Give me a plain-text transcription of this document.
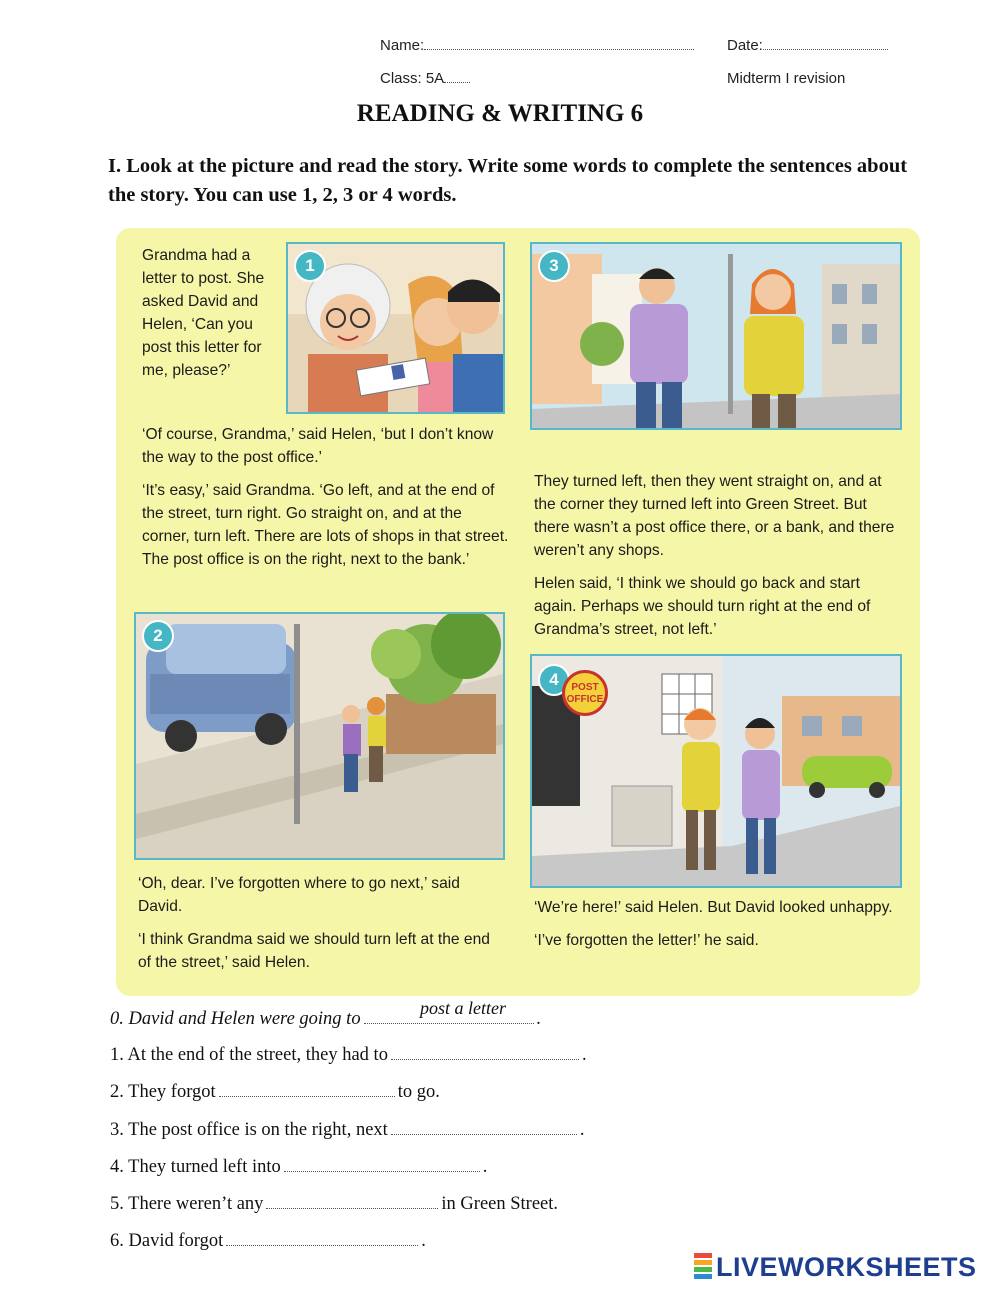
Name:	Date:
Class: 5A	Midterm I revision
READING & WRITING 6
I. Look at the picture and read the story. Write some words to complete the sentences about the story. You can use 1, 2, 3 or 4 words.
Grandma had a letter to post. She asked David and Helen, ‘Can you post this letter for me, please?’
1

‘Of course, Grandma,’ said Helen, ‘but I don’t know the way to the post office.’

‘It’s easy,’ said Grandma. ‘Go left, and at the end of the street, turn right. Go straight on, and at the corner, turn left. There are lots of shops in that street. The post office is on the right, next to the bank.’

2

‘Oh, dear. I’ve forgotten where to go next,’ said David.

‘I think Grandma said we should turn left at the end of the street,’ said Helen.

3

They turned left, then they went straight on, and at the corner they turned left into Green Street. But there wasn’t a post office there, or a bank, and there weren’t any shops.

Helen said, ‘I think we should go back and start again. Perhaps we should turn right at the end of Grandma’s street, not left.’

4	POST
OFFICE

‘We’re here!’ said Helen. But David looked unhappy.

‘I’ve forgotten the letter!’ he said.

0. David and Helen were going to	.
post a letter
1. At the end of the street, they had to	.
2. They forgot	to go.
3. The post office is on the right, next	.
4. They turned left into	.
5. There weren’t any	in Green Street.
6. David forgot	.
LIVEWORKSHEETS
